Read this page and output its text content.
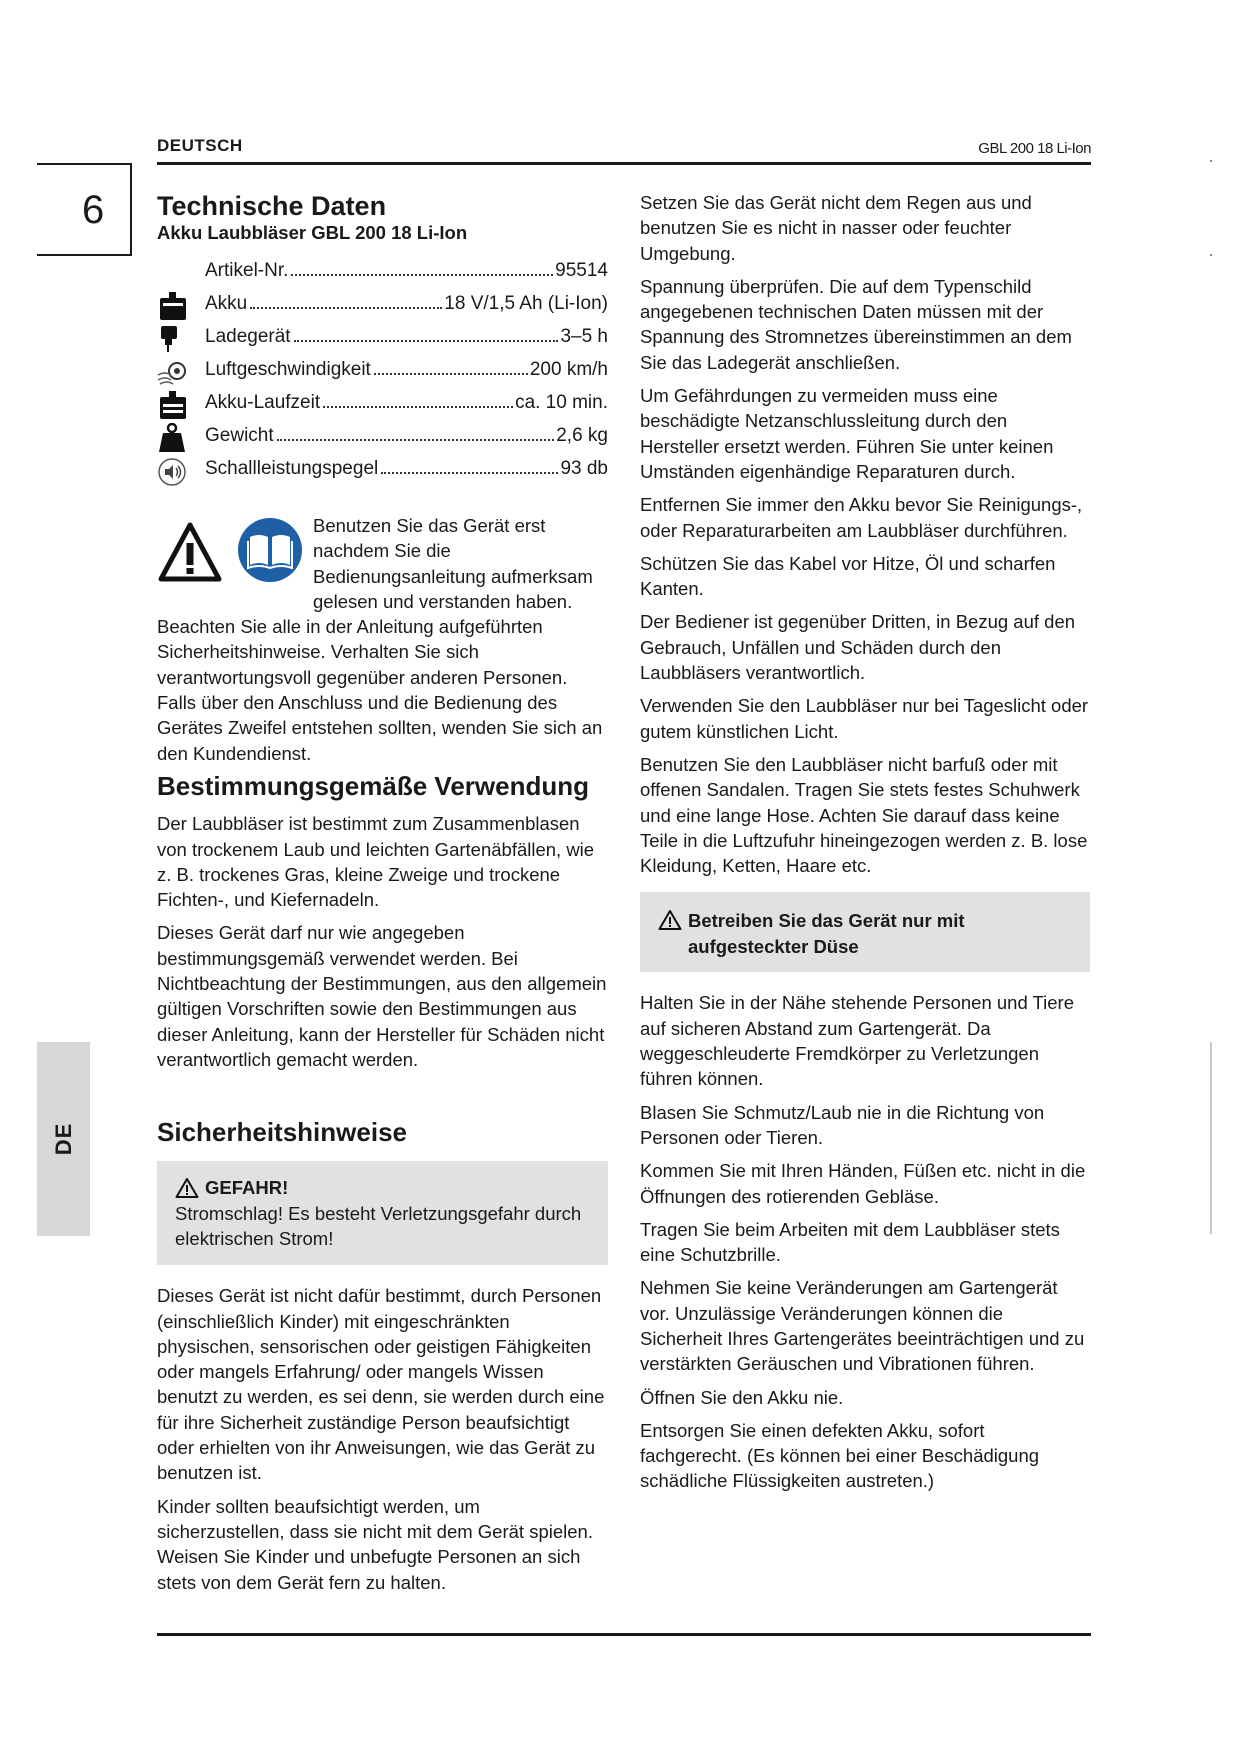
DEUTSCH	GBL 200 18 Li-Ion
6
DE
Technische Daten

Akku Laubbläser GBL 200 18 Li-Ion

Artikel-Nr.	95514
Akku	18 V/1,5 Ah (Li-Ion)
Ladegerät	3–5 h
Luftgeschwindigkeit	200 km/h
Akku-Laufzeit	ca. 10 min.
Gewicht	2,6 kg
Schallleistungspegel	93 db
Benutzen Sie das Gerät erst nachdem Sie die Bedienungsanleitung aufmerksam gelesen und verstanden haben. Beachten Sie alle in der Anleitung aufgeführten Sicherheitshinweise. Verhalten Sie sich verantwortungsvoll gegenüber anderen Personen. Falls über den Anschluss und die Bedienung des Gerätes Zweifel entstehen sollten, wenden Sie sich an den Kundendienst.
Bestimmungsgemäße Verwendung

Der Laubbläser ist bestimmt zum Zusammenblasen von trockenem Laub und leichten Gartenäbfällen, wie z. B. trockenes Gras, kleine Zweige und trockene Fichten-, und Kiefernadeln.

Dieses Gerät darf nur wie angegeben bestimmungsgemäß verwendet werden. Bei Nichtbeachtung der Bestimmungen, aus den allgemein gültigen Vorschriften sowie den Bestimmungen aus dieser Anleitung, kann der Hersteller für Schäden nicht verantwortlich gemacht werden.

Sicherheitshinweise
GEFAHR!
Stromschlag! Es besteht Verletzungsgefahr durch elektrischen Strom!

Dieses Gerät ist nicht dafür bestimmt, durch Personen (einschließlich Kinder) mit eingeschränkten physischen, sensorischen oder geistigen Fähigkeiten oder mangels Erfahrung/ oder mangels Wissen benutzt zu werden, es sei denn, sie werden durch eine für ihre Sicherheit zuständige Person beaufsichtigt oder erhielten von ihr Anweisungen, wie das Gerät zu benutzen ist.

Kinder sollten beaufsichtigt werden, um sicherzustellen, dass sie nicht mit dem Gerät spielen. Weisen Sie Kinder und unbefugte Personen an sich stets von dem Gerät fern zu halten.

Setzen Sie das Gerät nicht dem Regen aus und benutzen Sie es nicht in nasser oder feuchter Umgebung.

Spannung überprüfen. Die auf dem Typenschild angegebenen technischen Daten müssen mit der Spannung des Stromnetzes übereinstimmen an dem Sie das Ladegerät anschließen.

Um Gefährdungen zu vermeiden muss eine beschädigte Netzanschlussleitung durch den Hersteller ersetzt werden. Führen Sie unter keinen Umständen eigenhändige Reparaturen durch.

Entfernen Sie immer den Akku bevor Sie Reinigungs-, oder Reparaturarbeiten am Laubbläser durchführen.

Schützen Sie das Kabel vor Hitze, Öl und scharfen Kanten.

Der Bediener ist gegenüber Dritten, in Bezug auf den Gebrauch, Unfällen und Schäden durch den Laubbläsers verantwortlich.

Verwenden Sie den Laubbläser nur bei Tageslicht oder gutem künstlichen Licht.

Benutzen Sie den Laubbläser nicht barfuß oder mit offenen Sandalen. Tragen Sie stets festes Schuhwerk und eine lange Hose. Achten Sie darauf dass keine Teile in die Luftzufuhr hineingezogen werden z. B. lose Kleidung, Ketten, Haare etc.

Betreiben Sie das Gerät nur mit aufgesteckter Düse

Halten Sie in der Nähe stehende Personen und Tiere auf sicheren Abstand zum Gartengerät. Da weggeschleuderte Fremdkörper zu Verletzungen führen können.

Blasen Sie Schmutz/Laub nie in die Richtung von Personen oder Tieren.

Kommen Sie mit Ihren Händen, Füßen etc. nicht in die Öffnungen des rotierenden Gebläse.

Tragen Sie beim Arbeiten mit dem Laubbläser stets eine Schutzbrille.

Nehmen Sie keine Veränderungen am Gartengerät vor. Unzulässige Veränderungen können die Sicherheit Ihres Gartengerätes beeinträchtigen und zu verstärkten Geräuschen und Vibrationen führen.

Öffnen Sie den Akku nie.

Entsorgen Sie einen defekten Akku, sofort fachgerecht. (Es können bei einer Beschädigung schädliche Flüssigkeiten austreten.)
